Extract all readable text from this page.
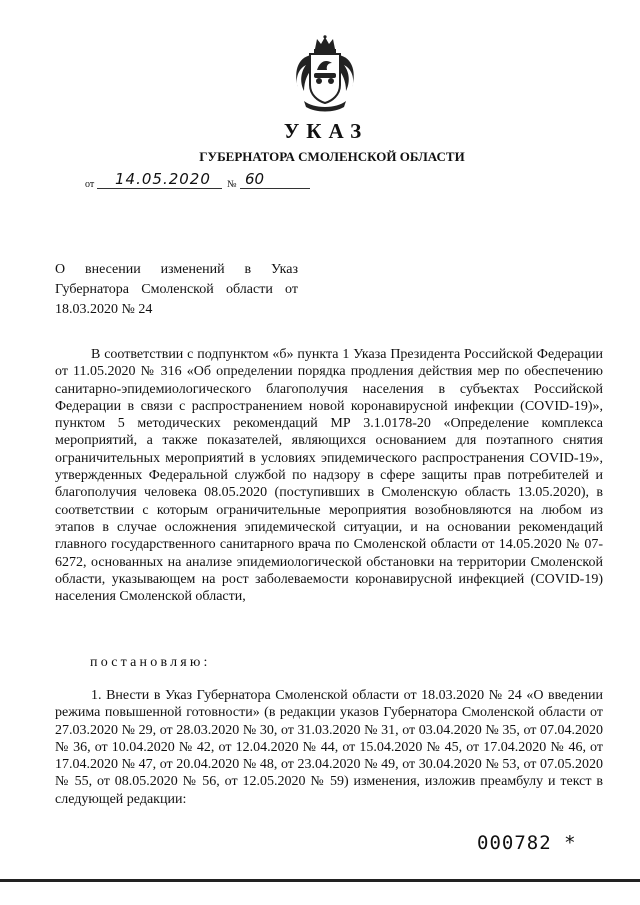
УКАЗ
ГУБЕРНАТОРА СМОЛЕНСКОЙ ОБЛАСТИ
от 14.05.2020 № 60
О внесении изменений в Указ Губернатора Смоленской области от 18.03.2020 № 24

В соответствии с подпунктом «б» пункта 1 Указа Президента Российской Федерации от 11.05.2020 № 316 «Об определении порядка продления действия мер по обеспечению санитарно-эпидемиологического благополучия населения в субъектах Российской Федерации в связи с распространением новой коронавирусной инфекции (COVID-19)», пунктом 5 методических рекомендаций МР 3.1.0178-20 «Определение комплекса мероприятий, а также показателей, являющихся основанием для поэтапного снятия ограничительных мероприятий в условиях эпидемического распространения COVID-19», утвержденных Федеральной службой по надзору в сфере защиты прав потребителей и благополучия человека 08.05.2020 (поступивших в Смоленскую область 13.05.2020), в соответствии с которым ограничительные мероприятия возобновляются на любом из этапов в случае осложнения эпидемической ситуации, и на основании рекомендаций главного государственного санитарного врача по Смоленской области от 14.05.2020 № 07-6272, основанных на анализе эпидемиологической обстановки на территории Смоленской области, указывающем на рост заболеваемости коронавирусной инфекцией (COVID-19) населения Смоленской области,

постановляю:

1. Внести в Указ Губернатора Смоленской области от 18.03.2020 № 24 «О введении режима повышенной готовности» (в редакции указов Губернатора Смоленской области от 27.03.2020 № 29, от 28.03.2020 № 30, от 31.03.2020 № 31, от 03.04.2020 № 35, от 07.04.2020 № 36, от 10.04.2020 № 42, от 12.04.2020 № 44, от 15.04.2020 № 45, от 17.04.2020 № 46, от 17.04.2020 № 47, от 20.04.2020 № 48, от 23.04.2020 № 49, от 30.04.2020 № 53, от 07.05.2020 № 55, от 08.05.2020 № 56, от 12.05.2020 № 59) изменения, изложив преамбулу и текст в следующей редакции:

000782 *
